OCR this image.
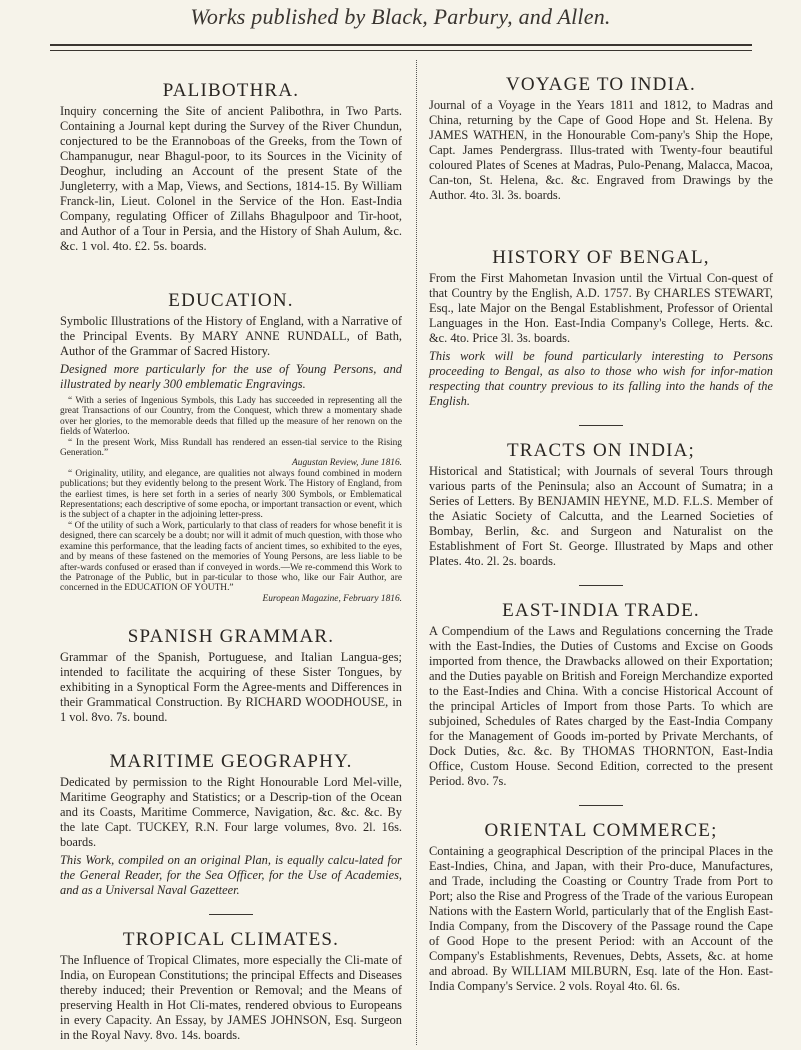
Works published by Black, Parbury, and Allen.
PALIBOTHRA.

Inquiry concerning the Site of ancient Palibothra, in Two Parts. Containing a Journal kept during the Survey of the River Chundun, conjectured to be the Erannoboas of the Greeks, from the Town of Champanugur, near Bhagul-poor, to its Sources in the Vicinity of Deoghur, including an Account of the present State of the Jungleterry, with a Map, Views, and Sections, 1814-15. By William Franck-lin, Lieut. Colonel in the Service of the Hon. East-India Company, regulating Officer of Zillahs Bhagulpoor and Tir-hoot, and Author of a Tour in Persia, and the History of Shah Aulum, &c. &c. 1 vol. 4to. £2. 5s. boards.

EDUCATION.

Symbolic Illustrations of the History of England, with a Narrative of the Principal Events. By MARY ANNE RUNDALL, of Bath, Author of the Grammar of Sacred History.

Designed more particularly for the use of Young Persons, and illustrated by nearly 300 emblematic Engravings.

“ With a series of Ingenious Symbols, this Lady has succeeded in representing all the great Transactions of our Country, from the Conquest, which threw a momentary shade over her glories, to the memorable deeds that filled up the measure of her renown on the fields of Waterloo.

“ In the present Work, Miss Rundall has rendered an essen-tial service to the Rising Generation.”

Augustan Review, June 1816.

“ Originality, utility, and elegance, are qualities not always found combined in modern publications; but they evidently belong to the present Work. The History of England, from the earliest times, is here set forth in a series of nearly 300 Symbols, or Emblematical Representations; each descriptive of some epocha, or important transaction or event, which is the subject of a chapter in the adjoining letter-press.

“ Of the utility of such a Work, particularly to that class of readers for whose benefit it is designed, there can scarcely be a doubt; nor will it admit of much question, with those who examine this performance, that the leading facts of ancient times, so exhibited to the eyes, and by means of these fastened on the memories of Young Persons, are less liable to be after-wards confused or erased than if conveyed in words.—We re-commend this Work to the Patronage of the Public, but in par-ticular to those who, like our Fair Author, are concerned in the EDUCATION OF YOUTH.”

European Magazine, February 1816.

SPANISH GRAMMAR.

Grammar of the Spanish, Portuguese, and Italian Langua-ges; intended to facilitate the acquiring of these Sister Tongues, by exhibiting in a Synoptical Form the Agree-ments and Differences in their Grammatical Construction. By RICHARD WOODHOUSE, in 1 vol. 8vo. 7s. bound.

MARITIME GEOGRAPHY.

Dedicated by permission to the Right Honourable Lord Mel-ville, Maritime Geography and Statistics; or a Descrip-tion of the Ocean and its Coasts, Maritime Commerce, Navigation, &c. &c. &c. By the late Capt. TUCKEY, R.N. Four large volumes, 8vo. 2l. 16s. boards.

This Work, compiled on an original Plan, is equally calcu-lated for the General Reader, for the Sea Officer, for the Use of Academies, and as a Universal Naval Gazetteer.

TROPICAL CLIMATES.

The Influence of Tropical Climates, more especially the Cli-mate of India, on European Constitutions; the principal Effects and Diseases thereby induced; their Prevention or Removal; and the Means of preserving Health in Hot Cli-mates, rendered obvious to Europeans in every Capacity. An Essay, by JAMES JOHNSON, Esq. Surgeon in the Royal Navy. 8vo. 14s. boards.

VOYAGE TO INDIA.

Journal of a Voyage in the Years 1811 and 1812, to Madras and China, returning by the Cape of Good Hope and St. Helena. By JAMES WATHEN, in the Honourable Com-pany's Ship the Hope, Capt. James Pendergrass. Illus-trated with Twenty-four beautiful coloured Plates of Scenes at Madras, Pulo-Penang, Malacca, Macoa, Can-ton, St. Helena, &c. &c. Engraved from Drawings by the Author. 4to. 3l. 3s. boards.

HISTORY OF BENGAL,

From the First Mahometan Invasion until the Virtual Con-quest of that Country by the English, A.D. 1757. By CHARLES STEWART, Esq., late Major on the Bengal Establishment, Professor of Oriental Languages in the Hon. East-India Company's College, Herts. &c. &c. 4to. Price 3l. 3s. boards.

This work will be found particularly interesting to Persons proceeding to Bengal, as also to those who wish for infor-mation respecting that country previous to its falling into the hands of the English.

TRACTS ON INDIA;

Historical and Statistical; with Journals of several Tours through various parts of the Peninsula; also an Account of Sumatra; in a Series of Letters. By BENJAMIN HEYNE, M.D. F.L.S. Member of the Asiatic Society of Calcutta, and the Learned Societies of Bombay, Berlin, &c. and Surgeon and Naturalist on the Establishment of Fort St. George. Illustrated by Maps and other Plates. 4to. 2l. 2s. boards.

EAST-INDIA TRADE.

A Compendium of the Laws and Regulations concerning the Trade with the East-Indies, the Duties of Customs and Excise on Goods imported from thence, the Drawbacks allowed on their Exportation; and the Duties payable on British and Foreign Merchandize exported to the East-Indies and China. With a concise Historical Account of the principal Articles of Import from those Parts. To which are subjoined, Schedules of Rates charged by the East-India Company for the Management of Goods im-ported by Private Merchants, of Dock Duties, &c. &c. By THOMAS THORNTON, East-India Office, Custom House. Second Edition, corrected to the present Period. 8vo. 7s.

ORIENTAL COMMERCE;

Containing a geographical Description of the principal Places in the East-Indies, China, and Japan, with their Pro-duce, Manufactures, and Trade, including the Coasting or Country Trade from Port to Port; also the Rise and Progress of the Trade of the various European Nations with the Eastern World, particularly that of the English East-India Company, from the Discovery of the Passage round the Cape of Good Hope to the present Period: with an Account of the Company's Establishments, Revenues, Debts, Assets, &c. at home and abroad. By WILLIAM MILBURN, Esq. late of the Hon. East-India Company's Service. 2 vols. Royal 4to. 6l. 6s.
